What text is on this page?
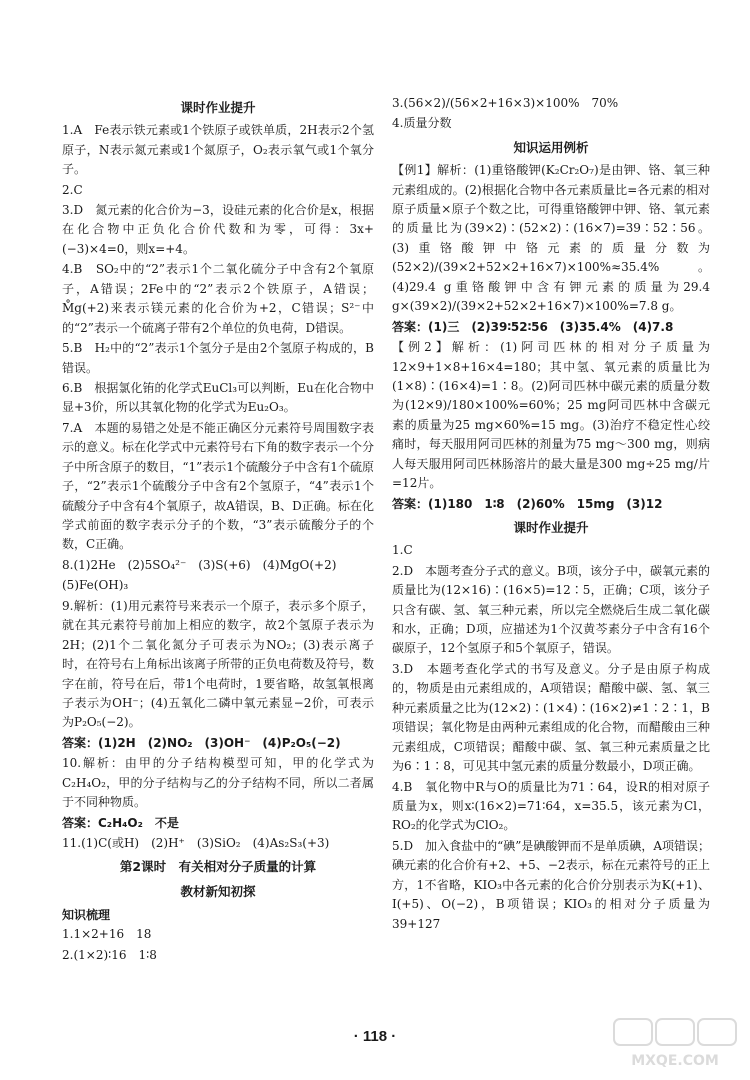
课时作业提升
1.A　Fe表示铁元素或1个铁原子或铁单质，2H表示2个氢原子，N表示氮元素或1个氮原子，O₂表示氧气或1个氧分子。
2.C
3.D　氮元素的化合价为−3，设硅元素的化合价是x，根据在化合物中正负化合价代数和为零，可得：3x+(−3)×4=0，则x=+4。
4.B　SO₂中的“2”表示1个二氧化硫分子中含有2个氧原子，A错误；2Fe中的“2”表示2个铁原子，A错误；M̊g(+2)来表示镁元素的化合价为+2，C错误；S²⁻中的“2”表示一个硫离子带有2个单位的负电荷，D错误。
5.B　H₂中的“2”表示1个氢分子是由2个氢原子构成的，B错误。
6.B　根据氯化铕的化学式EuCl₃可以判断，Eu在化合物中显+3价，所以其氧化物的化学式为Eu₂O₃。
7.A　本题的易错之处是不能正确区分元素符号周围数字表示的意义。标在化学式中元素符号右下角的数字表示一个分子中所含原子的数目，“1”表示1个硫酸分子中含有1个硫原子，“2”表示1个硫酸分子中含有2个氢原子，“4”表示1个硫酸分子中含有4个氧原子，故A错误，B、D正确。标在化学式前面的数字表示分子的个数，“3”表示硫酸分子的个数，C正确。
8.(1)2He　(2)5SO₄²⁻　(3)S(+6)　(4)MgO(+2)
(5)Fe(OH)₃
9.解析：(1)用元素符号来表示一个原子，表示多个原子，就在其元素符号前加上相应的数字，故2个氢原子表示为2H；(2)1个二氧化氮分子可表示为NO₂；(3)表示离子时，在符号右上角标出该离子所带的正负电荷数及符号，数字在前，符号在后，带1个电荷时，1要省略，故氢氧根离子表示为OH⁻；(4)五氧化二磷中氧元素显−2价，可表示为P₂O₅(−2)。
答案：(1)2H　(2)NO₂　(3)OH⁻　(4)P₂O₅(−2)
10.解析：由甲的分子结构模型可知，甲的化学式为C₂H₄O₂，甲的分子结构与乙的分子结构不同，所以二者属于不同种物质。
答案：C₂H₄O₂　不是
11.(1)C(或H)　(2)H⁺　(3)SiO₂　(4)As₂S₃(+3)
第2课时　有关相对分子质量的计算
教材新知初探
知识梳理
1.1×2+16　18
2.(1×2)∶16　1∶8
3.(56×2)/(56×2+16×3)×100%　70%
4.质量分数
知识运用例析
【例1】解析：(1)重铬酸钾(K₂Cr₂O₇)是由钾、铬、氧三种元素组成的。(2)根据化合物中各元素质量比=各元素的相对原子质量×原子个数之比，可得重铬酸钾中钾、铬、氧元素的质量比为(39×2)∶(52×2)∶(16×7)=39∶52∶56。(3)重铬酸钾中铬元素的质量分数为(52×2)/(39×2+52×2+16×7)×100%≈35.4%。(4)29.4 g重铬酸钾中含有钾元素的质量为29.4 g×(39×2)/(39×2+52×2+16×7)×100%=7.8 g。
答案：(1)三　(2)39∶52∶56　(3)35.4%　(4)7.8
【例2】解析：(1)阿司匹林的相对分子质量为12×9+1×8+16×4=180；其中氢、氧元素的质量比为(1×8)∶(16×4)=1∶8。(2)阿司匹林中碳元素的质量分数为(12×9)/180×100%=60%；25 mg阿司匹林中含碳元素的质量为25 mg×60%=15 mg。(3)治疗不稳定性心绞痛时，每天服用阿司匹林的剂量为75 mg～300 mg，则病人每天服用阿司匹林肠溶片的最大量是300 mg÷25 mg/片=12片。
答案：(1)180　1∶8　(2)60%　15mg　(3)12
课时作业提升
1.C
2.D　本题考查分子式的意义。B项，该分子中，碳氧元素的质量比为(12×16)∶(16×5)=12∶5，正确；C项，该分子只含有碳、氢、氧三种元素，所以完全燃烧后生成二氧化碳和水，正确；D项，应描述为1个汉黄芩素分子中含有16个碳原子，12个氢原子和5个氧原子，错误。
3.D　本题考查化学式的书写及意义。分子是由原子构成的，物质是由元素组成的，A项错误；醋酸中碳、氢、氧三种元素质量之比为(12×2)∶(1×4)∶(16×2)≠1∶2∶1，B项错误；氧化物是由两种元素组成的化合物，而醋酸由三种元素组成，C项错误；醋酸中碳、氢、氧三种元素质量之比为6∶1∶8，可见其中氢元素的质量分数最小，D项正确。
4.B　氧化物中R与O的质量比为71∶64，设R的相对原子质量为x，则x∶(16×2)=71∶64，x=35.5，该元素为Cl，RO₂的化学式为ClO₂。
5.D　加入食盐中的“碘”是碘酸钾而不是单质碘，A项错误；碘元素的化合价有+2、+5、−2表示，标在元素符号的正上方，1不省略，KIO₃中各元素的化合价分别表示为K(+1)、I(+5)、O(−2)，B项错误；KIO₃的相对分子质量为39+127
· 118 ·
MXQE.COM
